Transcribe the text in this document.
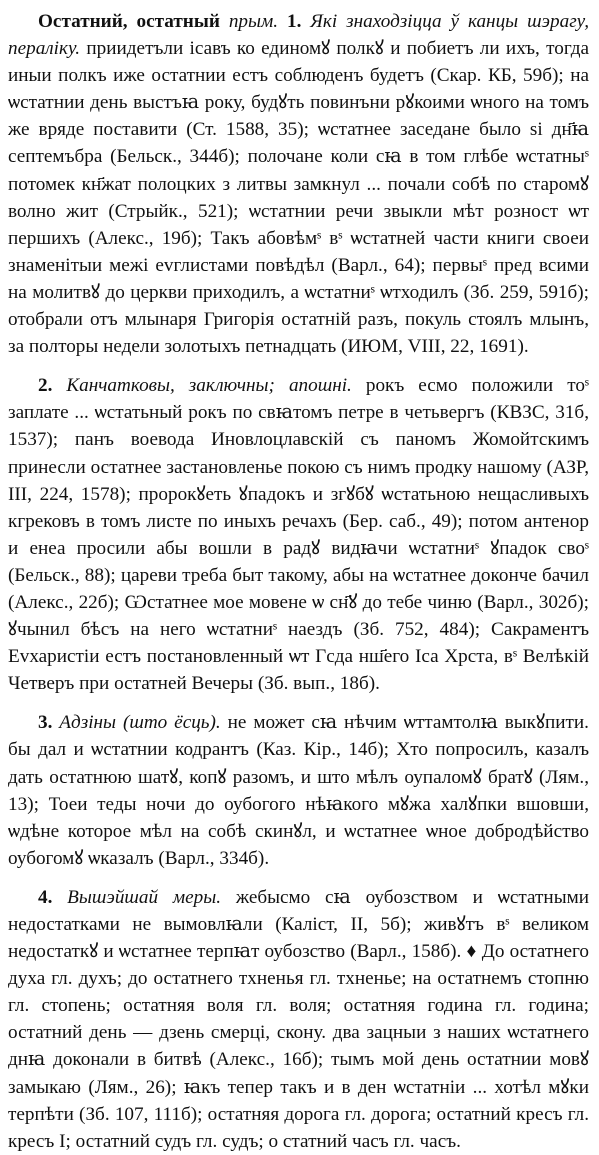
Остатний, остатный прым. 1. Які знаходзіцца ў канцы шэрагу, пераліку. приидетъли ісавъ ко единомꙋ полкꙋ и побиетъ ли ихъ, тогда иныи полкъ иже остатнии естъ соблюденъ будетъ (Скар. КБ, 59б); на ѡстатнии день выстъꙗ року, будꙋть повинъни рꙋкоими ѡного на томъ же вряде поставити (Ст. 1588, 35); ѡстатнее заседане было ѕі дн҃ꙗ септемъбра (Бельск., 344б); полочане коли сꙗ в том глѣбе ѡстатныˢ потомек кн҃жат полоцких з литвы замкнул ... почали собѣ по старомꙋ волно жит (Стрыйк., 521); ѡстатнии речи звыкли мѣт розност ѡт першихъ (Алекс., 19б); Такъ абовѣмˢ вˢ ѡстатней части книги своеи знаменітыи межі еvглистами повѣдѣл (Варл., 64); первыˢ пред всими на молитвꙋ до церкви приходилъ, а ѡстатниˢ ѡтходилъ (Зб. 259, 591б); отобрали отъ млынаря Григорія остатній разъ, покуль стоялъ млынъ, за полторы недели золотыхъ петнадцать (ИЮМ, VIII, 22, 1691).

2. Канчатковы, заключны; апошні. рокъ есмо положили тоˢ заплате ... ѡстатьный рокъ по свꙗтомъ петре в четьвергъ (КВЗС, 31б, 1537); панъ воевода Иновлоцлавскій съ паномъ Жомойтскимъ принесли остатнее застановленье покою съ нимъ продку нашому (АЗР, III, 224, 1578); пророкꙋеть ꙋпадокъ и згꙋбꙋ ѡстатьною нещасливыхъ кгрековъ в томъ листе по иныхъ речахъ (Бер. саб., 49); потом антенор и енеа просили абы вошли в радꙋ видꙗчи ѡстатниˢ ꙋпадок своˢ (Бельск., 88); цареви треба быт такому, абы на ѡстатнее доконче бачил (Алекс., 22б); Ѡстатнее мое мовене ѡ сн҃ꙋ до тебе чиню (Варл., 302б); ꙋчынил бѣсъ на него ѡстатниˢ наездъ (Зб. 752, 484); Сакраментъ Еvхаристіи естъ постановленный ѡт Гсда нш҃его Іса Хрста, вˢ Велѣкій Четверъ при остатней Вечеры (Зб. вып., 18б).

3. Адзіны (што ёсць). не может сꙗ нѣчим ѡттамтолꙗ выкꙋпити. бы дал и ѡстатнии кодрантъ (Каз. Кір., 14б); Хто попросилъ, казалъ дать остатнюю шатꙋ, копꙋ разомъ, и што мѣлъ оупаломꙋ братꙋ (Лям., 13); Тоеи теды ночи до оубогого нѣꙗкого мꙋжа халꙋпки вшовши, ѡдѣне которое мѣл на собѣ скинꙋл, и ѡстатнее ѡное добродѣйство оубогомꙋ ѡказалъ (Варл., 334б).

4. Вышэйшай меры. жебысмо сꙗ оубозством и ѡстатными недостатками не вымовлꙗли (Каліст, II, 5б); живꙋтъ вˢ великом недостаткꙋ и ѡстатнее терпꙗт оубозство (Варл., 158б). ♦ До остатнего духа гл. духъ; до остатнего тхненья гл. тхненье; на остатнемъ стопню гл. стопень; остатняя воля гл. воля; остатняя година гл. година; остатний день — дзень смерці, скону. два зацныи з наших ѡстатнего днꙗ доконали в битвѣ (Алекс., 16б); тымъ мой день остатнии мовꙋ замыкаю (Лям., 26); ꙗкъ тепер такъ и в ден ѡстатніи ... хотѣл мꙋки терпѣти (Зб. 107, 111б); остатняя дорога гл. дорога; остатний кресъ гл. кресъ І; остатний судъ гл. судъ; о статний часъ гл. часъ.
